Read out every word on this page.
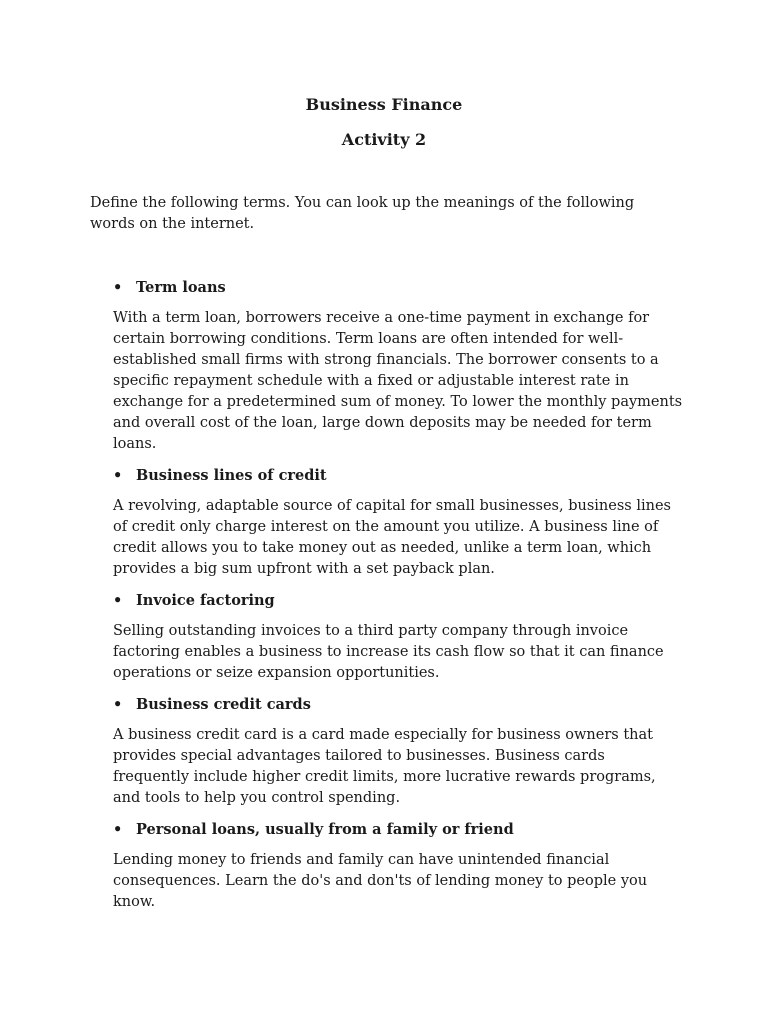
Business Finance
Activity 2

Define the following terms. You can look up the meanings of the following words on the internet.

• Term loans

With a term loan, borrowers receive a one-time payment in exchange for certain borrowing conditions. Term loans are often intended for well-established small firms with strong financials. The borrower consents to a specific repayment schedule with a fixed or adjustable interest rate in exchange for a predetermined sum of money. To lower the monthly payments and overall cost of the loan, large down deposits may be needed for term loans.

• Business lines of credit

A revolving, adaptable source of capital for small businesses, business lines of credit only charge interest on the amount you utilize. A business line of credit allows you to take money out as needed, unlike a term loan, which provides a big sum upfront with a set payback plan.

• Invoice factoring

Selling outstanding invoices to a third party company through invoice factoring enables a business to increase its cash flow so that it can finance operations or seize expansion opportunities.

• Business credit cards

A business credit card is a card made especially for business owners that provides special advantages tailored to businesses. Business cards frequently include higher credit limits, more lucrative rewards programs, and tools to help you control spending.

• Personal loans, usually from a family or friend

Lending money to friends and family can have unintended financial consequences. Learn the do's and don'ts of lending money to people you know.
